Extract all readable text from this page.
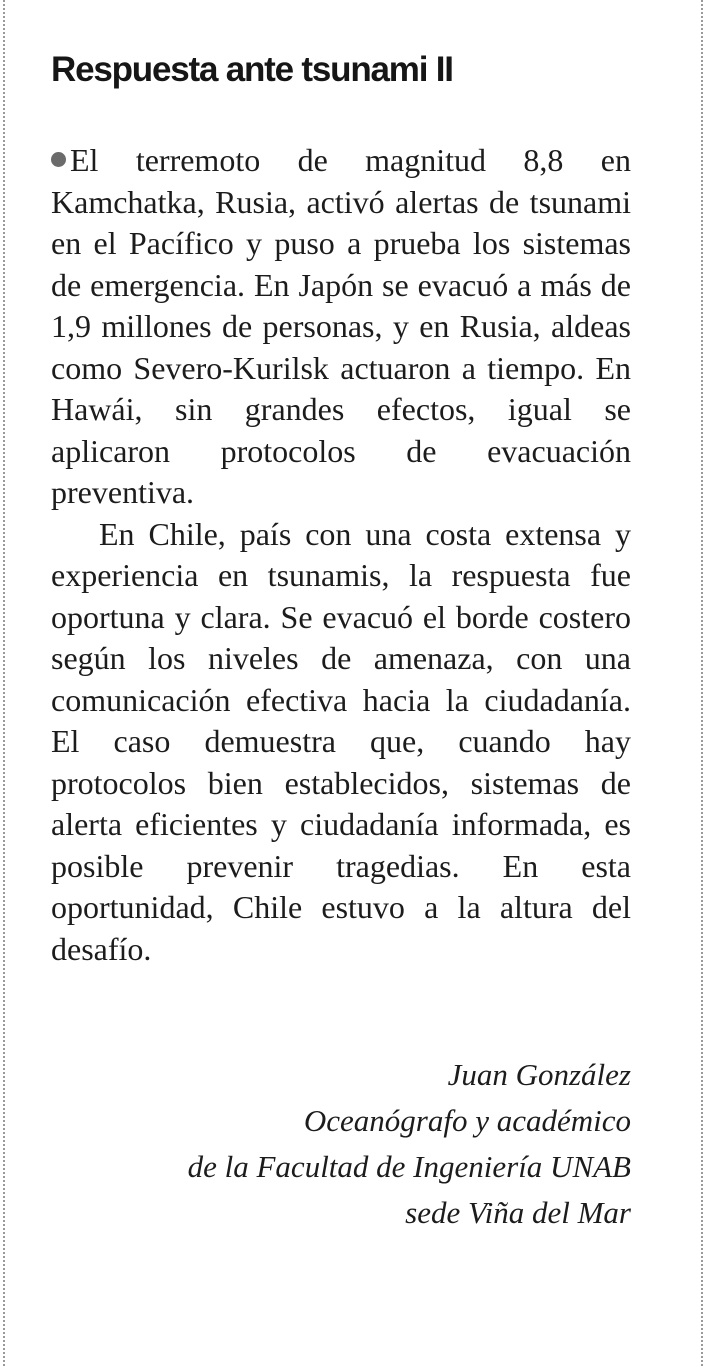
Respuesta ante tsunami II

El terremoto de magnitud 8,8 en Kamchatka, Rusia, activó alertas de tsunami en el Pacífico y puso a prueba los sistemas de emergencia. En Japón se evacuó a más de 1,9 millones de personas, y en Rusia, aldeas como Severo-Kurilsk actuaron a tiempo. En Hawái, sin grandes efectos, igual se aplicaron protocolos de evacuación preventiva.

En Chile, país con una costa extensa y experiencia en tsunamis, la respuesta fue oportuna y clara. Se evacuó el borde costero según los niveles de amenaza, con una comunicación efectiva hacia la ciudadanía. El caso demuestra que, cuando hay protocolos bien establecidos, sistemas de alerta eficientes y ciudadanía informada, es posible prevenir tragedias. En esta oportunidad, Chile estuvo a la altura del desafío.

Juan González
Oceanógrafo y académico
de la Facultad de Ingeniería UNAB
sede Viña del Mar
